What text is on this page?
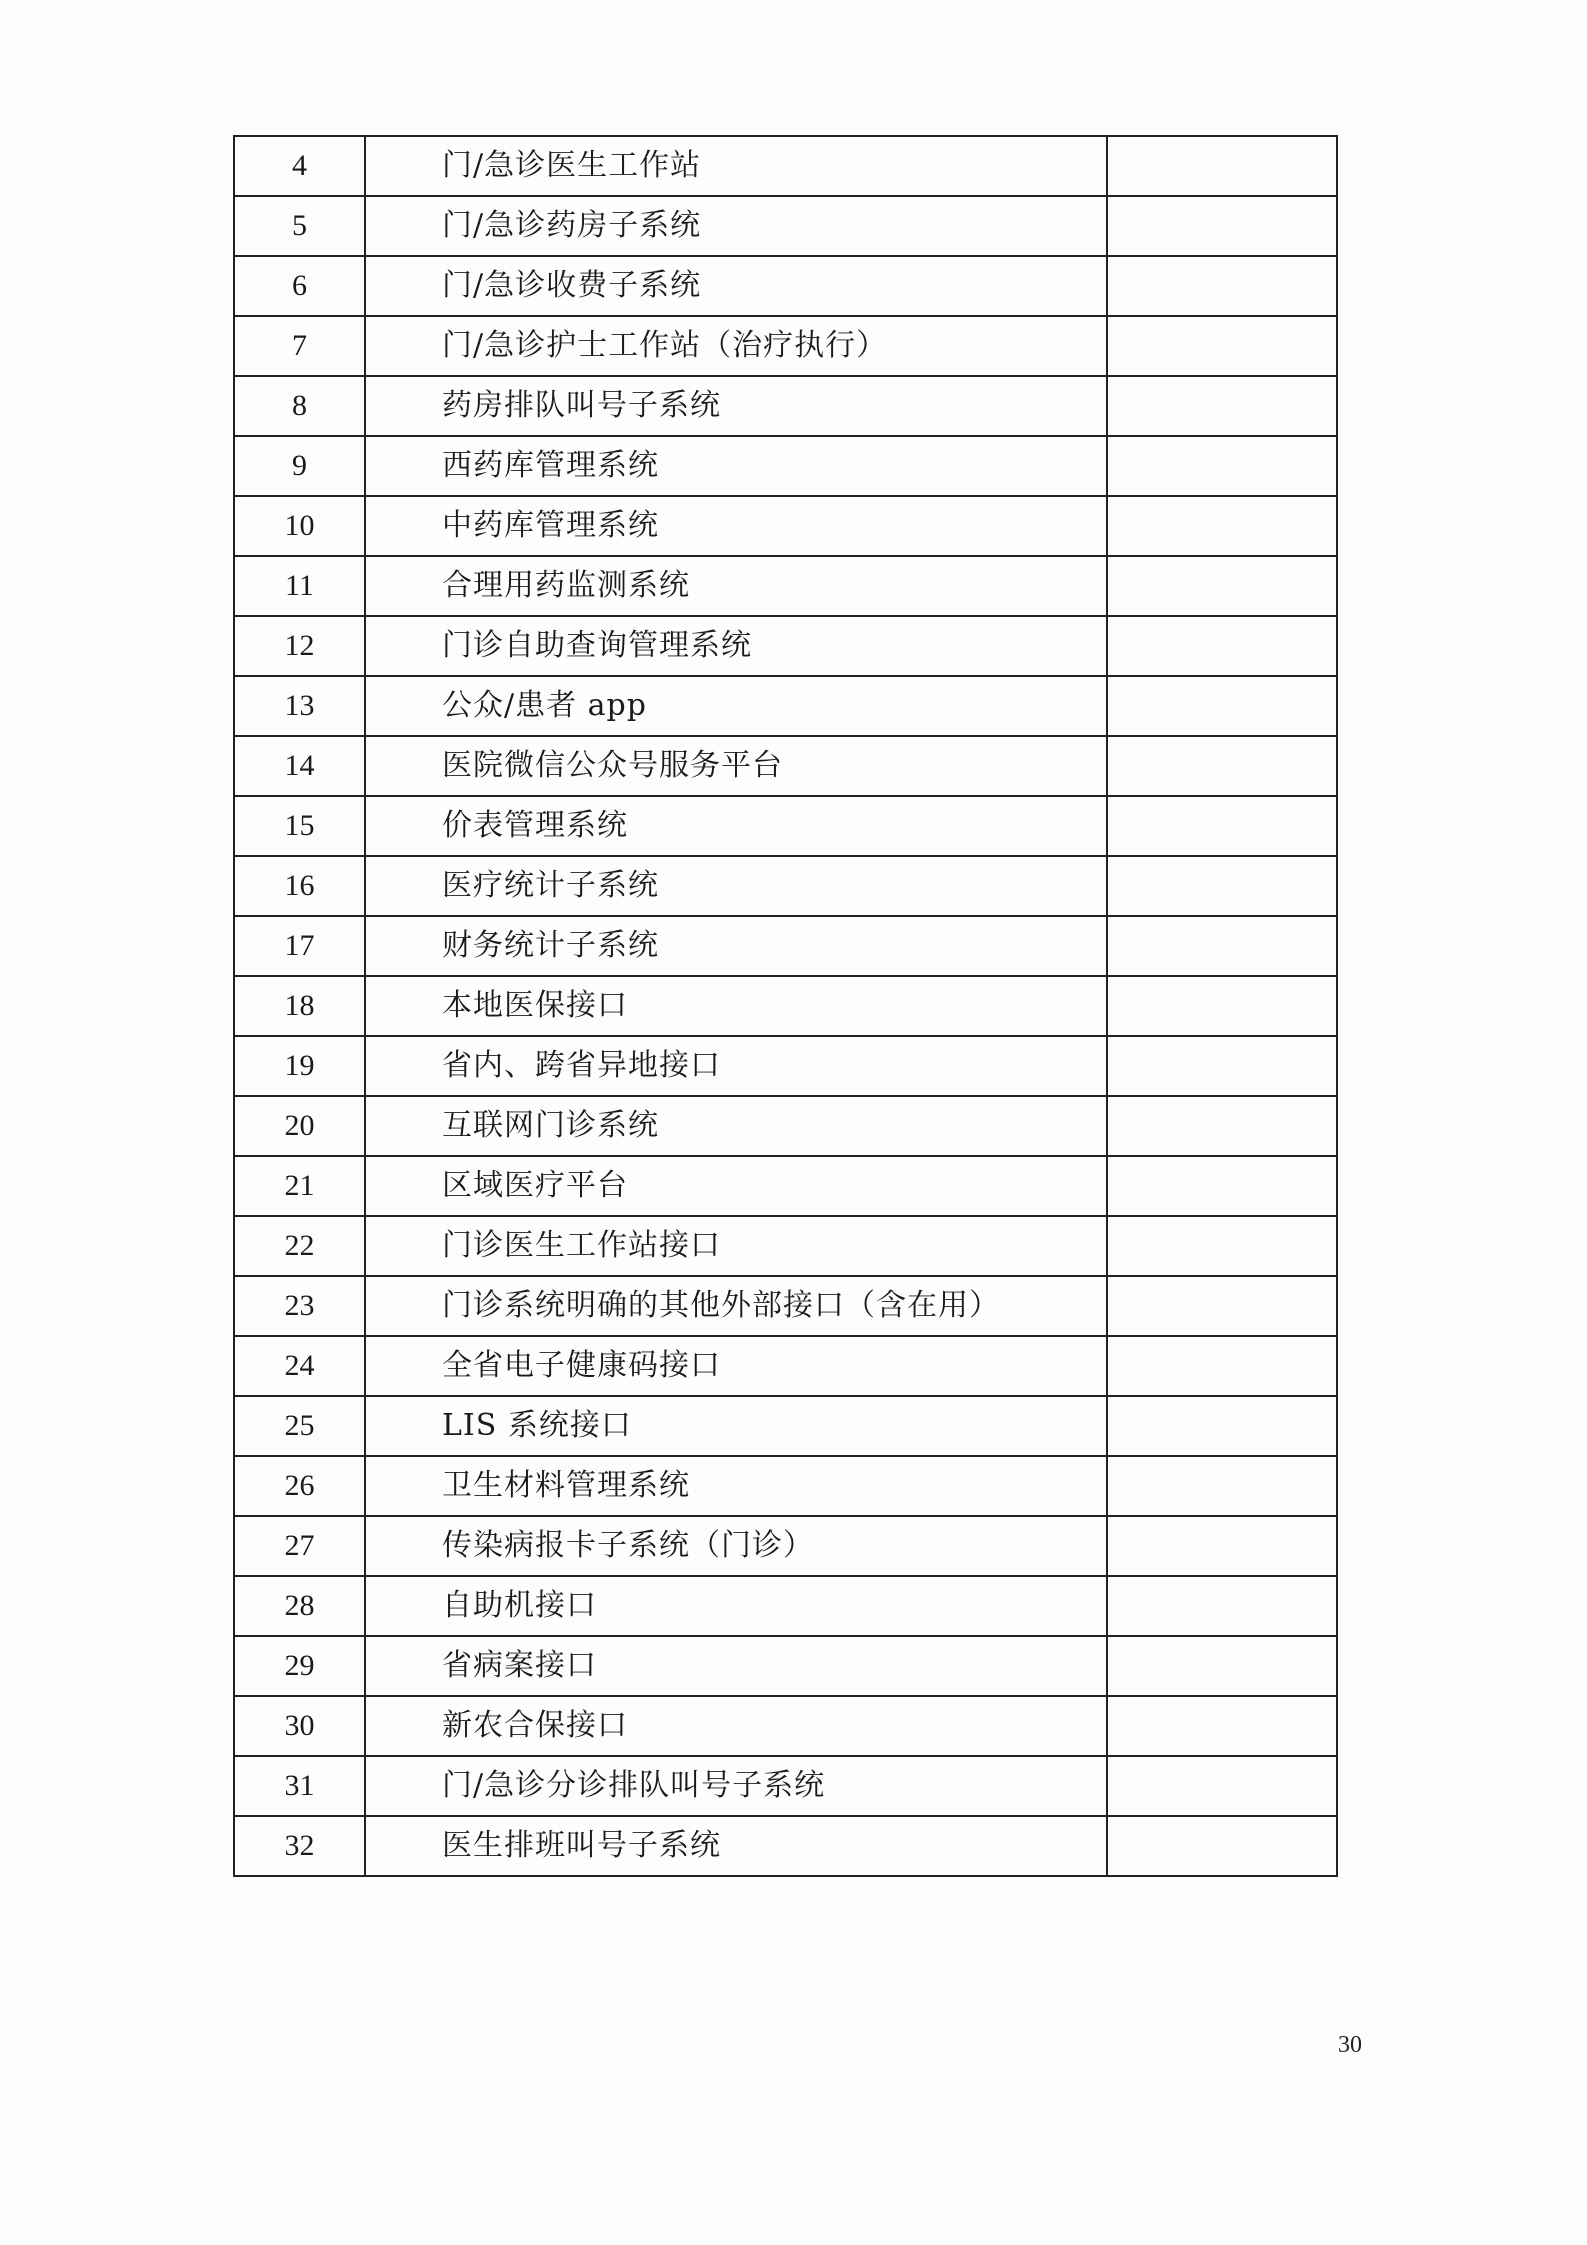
4	门/急诊医生工作站	
5	门/急诊药房子系统	
6	门/急诊收费子系统	
7	门/急诊护士工作站（治疗执行）	
8	药房排队叫号子系统	
9	西药库管理系统	
10	中药库管理系统	
11	合理用药监测系统	
12	门诊自助查询管理系统	
13	公众/患者 app	
14	医院微信公众号服务平台	
15	价表管理系统	
16	医疗统计子系统	
17	财务统计子系统	
18	本地医保接口	
19	省内、跨省异地接口	
20	互联网门诊系统	
21	区域医疗平台	
22	门诊医生工作站接口	
23	门诊系统明确的其他外部接口（含在用）	
24	全省电子健康码接口	
25	LIS 系统接口	
26	卫生材料管理系统	
27	传染病报卡子系统（门诊）	
28	自助机接口	
29	省病案接口	
30	新农合保接口	
31	门/急诊分诊排队叫号子系统	
32	医生排班叫号子系统	
30
